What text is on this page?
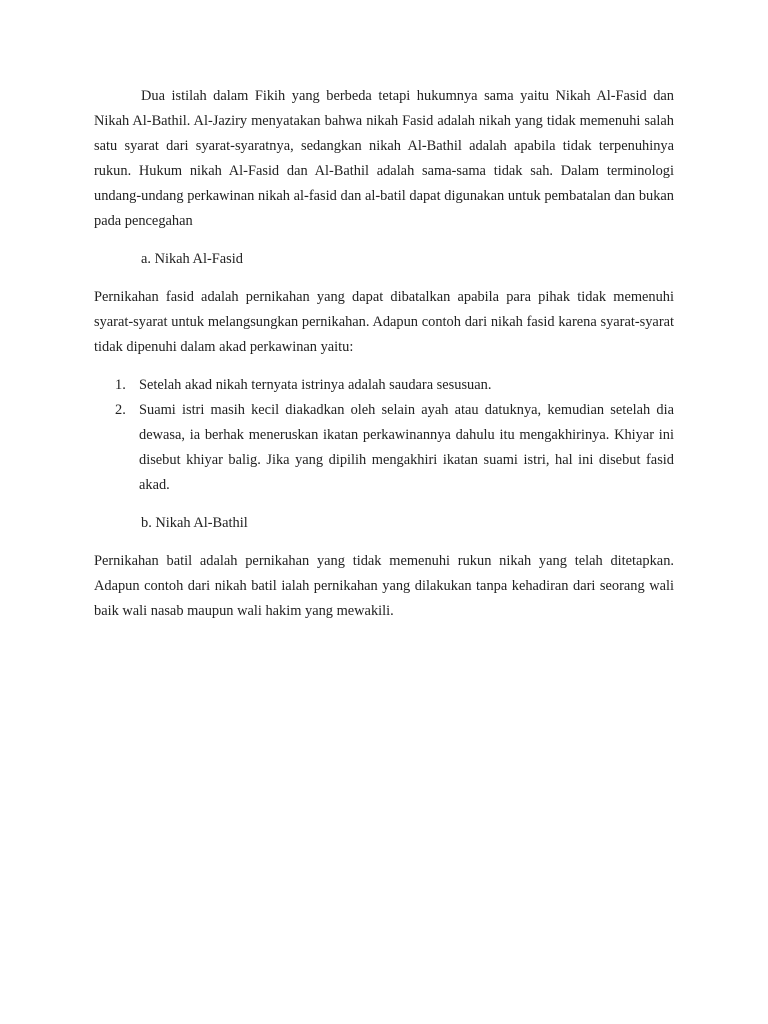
Dua istilah dalam Fikih yang berbeda tetapi hukumnya sama yaitu Nikah Al-Fasid dan Nikah Al-Bathil. Al-Jaziry menyatakan bahwa nikah Fasid adalah nikah yang tidak memenuhi salah satu syarat dari syarat-syaratnya, sedangkan nikah Al-Bathil adalah apabila tidak terpenuhinya rukun. Hukum nikah Al-Fasid dan Al-Bathil adalah sama-sama tidak sah. Dalam terminologi undang-undang perkawinan nikah al-fasid dan al-batil dapat digunakan untuk pembatalan dan bukan pada pencegahan

a. Nikah Al-Fasid

Pernikahan fasid adalah pernikahan yang dapat dibatalkan apabila para pihak tidak memenuhi syarat-syarat untuk melangsungkan pernikahan. Adapun contoh dari nikah fasid karena syarat-syarat tidak dipenuhi dalam akad perkawinan yaitu:

1. Setelah akad nikah ternyata istrinya adalah saudara sesusuan.
2. Suami istri masih kecil diakadkan oleh selain ayah atau datuknya, kemudian setelah dia dewasa, ia berhak meneruskan ikatan perkawinannya dahulu itu mengakhirinya. Khiyar ini disebut khiyar balig. Jika yang dipilih mengakhiri ikatan suami istri, hal ini disebut fasid akad.

b. Nikah Al-Bathil

Pernikahan batil adalah pernikahan yang tidak memenuhi rukun nikah yang telah ditetapkan. Adapun contoh dari nikah batil ialah pernikahan yang dilakukan tanpa kehadiran dari seorang wali baik wali nasab maupun wali hakim yang mewakili.
